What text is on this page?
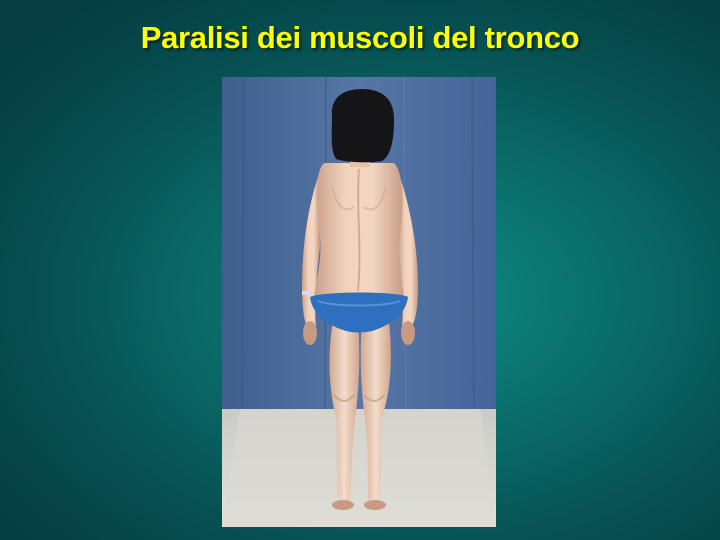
Paralisi dei muscoli del tronco
